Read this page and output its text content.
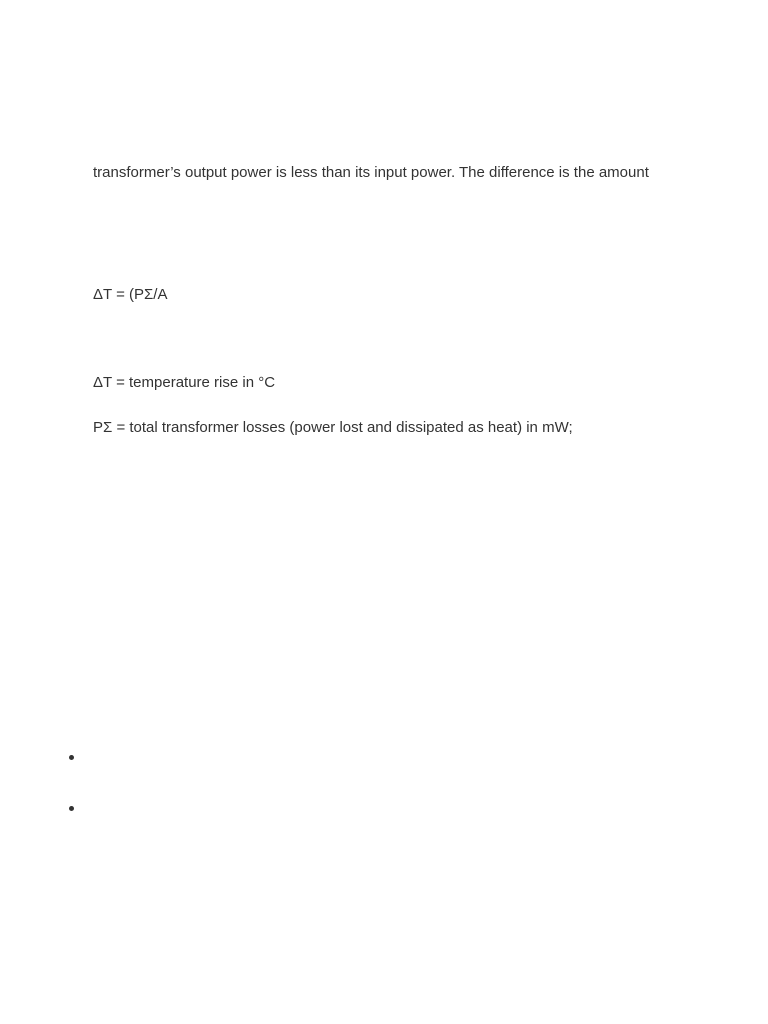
transformer’s output power is less than its input power. The difference is the amount

ΔT = (PΣ/A

ΔT = temperature rise in °C

PΣ = total transformer losses (power lost and dissipated as heat) in mW;
